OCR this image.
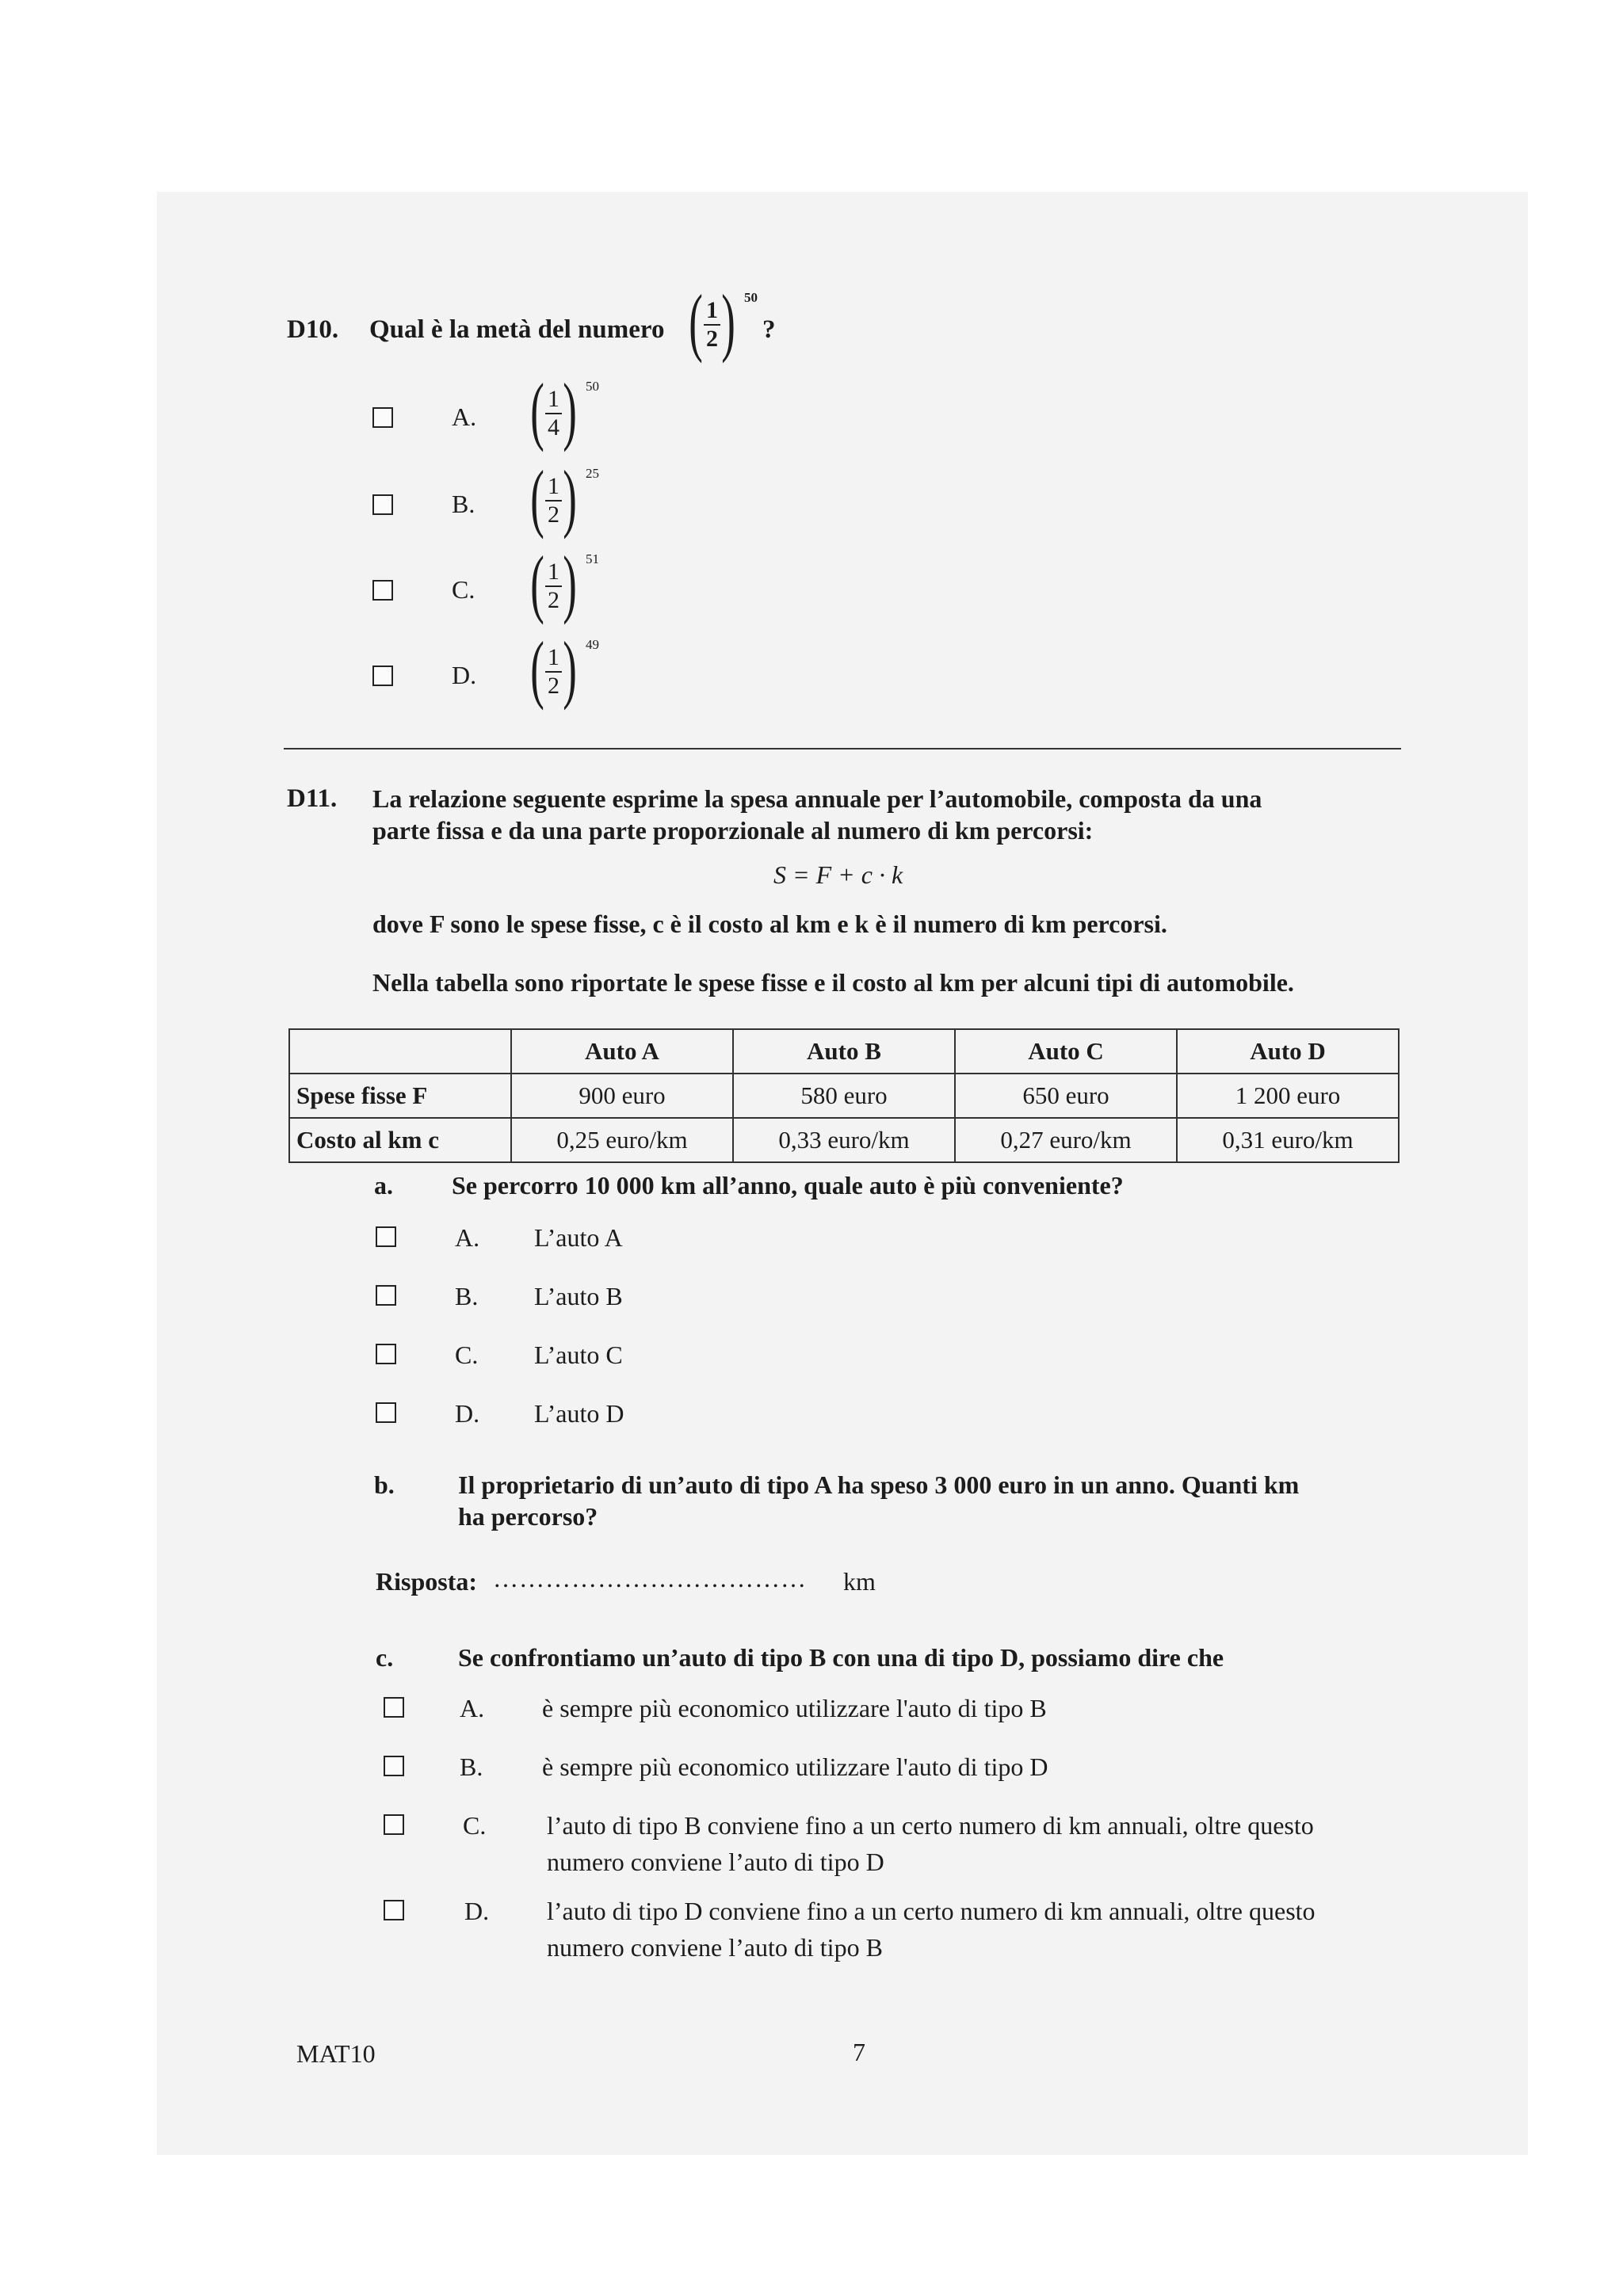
D10. Qual è la metà del numero ( $\frac{1}{2}$ ) 50
?
A. ( $\frac{1}{4}$ ) 50
B. ( $\frac{1}{2}$ ) 25
C. ( $\frac{1}{2}$ ) 51
D. ( $\frac{1}{2}$ ) 49
D11. La relazione seguente esprime la spesa annuale per l’automobile, composta da una
parte fissa e da una parte proporzionale al numero di km percorsi:
S = F + c · k
dove F sono le spese fisse, c è il costo al km e k è il numero di km percorsi.
Nella tabella sono riportate le spese fisse e il costo al km per alcuni tipi di automobile.
	Auto A	Auto B	Auto C	Auto D
Spese fisse F	900 euro	580 euro	650 euro	1 200 euro
Costo al km c	0,25 euro/km	0,33 euro/km	0,27 euro/km	0,31 euro/km
a. Se percorro 10 000 km all’anno, quale auto è più conveniente?
A. L’auto A
B. L’auto B
C. L’auto C
D. L’auto D
b.	Il proprietario di un’auto di tipo A ha speso 3 000 euro in un anno. Quanti km
ha percorso?
Risposta: ……………………………… km
c.	Se confrontiamo un’auto di tipo B con una di tipo D, possiamo dire che
A. è sempre più economico utilizzare l'auto di tipo B
B. è sempre più economico utilizzare l'auto di tipo D
C. l’auto di tipo B conviene fino a un certo numero di km annuali, oltre questo
numero conviene l’auto di tipo D
D. l’auto di tipo D conviene fino a un certo numero di km annuali, oltre questo
numero conviene l’auto di tipo B
MAT10	7
